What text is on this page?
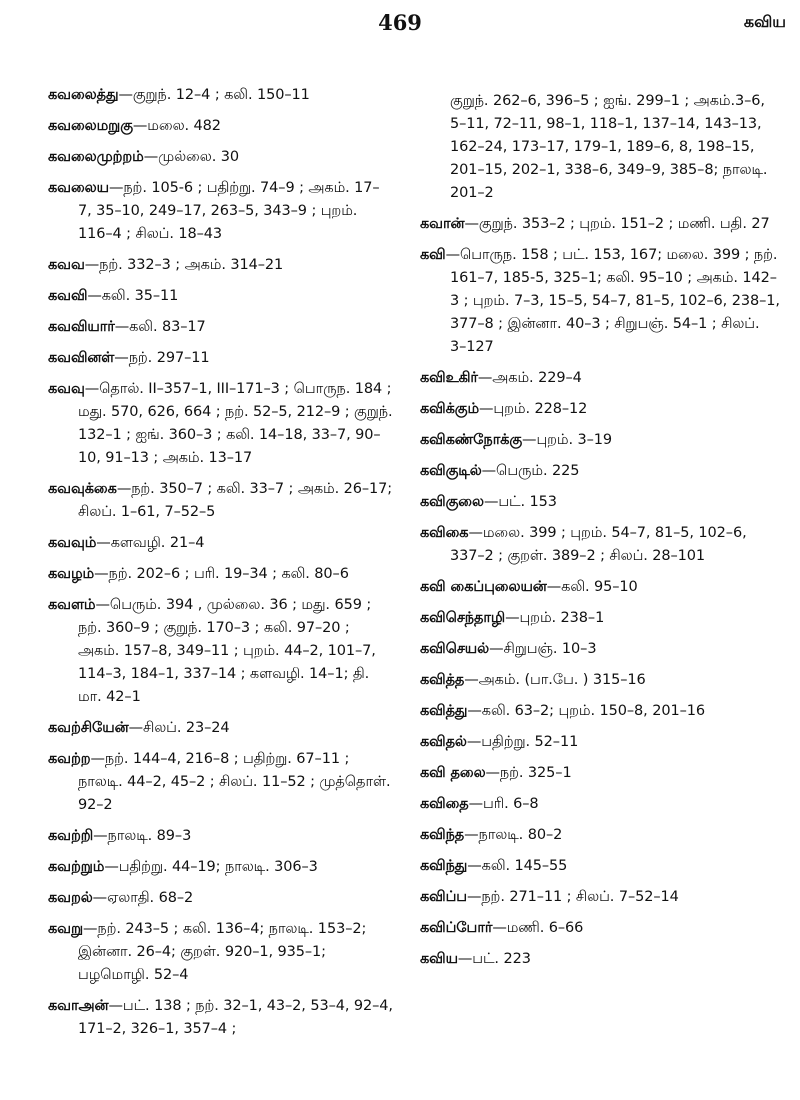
469	கவிய
கவலைத்து—குறுந். 12–4 ; கலி. 150–11
கவலைமறுகு—மலை. 482
கவலைமுற்றம்—முல்லை. 30
கவலைய—நற். 105-6 ; பதிற்று. 74–9 ; அகம். 17–7, 35–10, 249–17, 263–5, 343–9 ; புறம். 116–4 ; சிலப். 18–43
கவவ—நற். 332–3 ; அகம். 314–21
கவவி—கலி. 35–11
கவவியார்—கலி. 83–17
கவவினள்—நற். 297–11
கவவு—தொல். II–357–1, III–171–3 ; பொருந. 184 ; மது. 570, 626, 664 ; நற். 52–5, 212–9 ; குறுந். 132–1 ; ஐங். 360–3 ; கலி. 14–18, 33–7, 90–10, 91–13 ; அகம். 13–17
கவவுக்கை—நற். 350–7 ; கலி. 33–7 ; அகம். 26–17; சிலப். 1–61, 7–52–5
கவவும்—களவழி. 21–4
கவழம்—நற். 202–6 ; பரி. 19–34 ; கலி. 80–6
கவளம்—பெரும். 394 , முல்லை. 36 ; மது. 659 ; நற். 360–9 ; குறுந். 170–3 ; கலி. 97–20 ; அகம். 157–8, 349–11 ; புறம். 44–2, 101–7, 114–3, 184–1, 337–14 ; களவழி. 14–1; தி. மா. 42–1
கவற்சியேன்—சிலப். 23–24
கவற்ற—நற். 144–4, 216–8 ; பதிற்று. 67–11 ; நாலடி. 44–2, 45–2 ; சிலப். 11–52 ; முத்தொள். 92–2
கவற்றி—நாலடி. 89–3
கவற்றும்—பதிற்று. 44–19; நாலடி. 306–3
கவறல்—ஏலாதி. 68–2
கவறு—நற். 243–5 ; கலி. 136–4; நாலடி. 153–2; இன்னா. 26–4; குறள். 920–1, 935–1; பழமொழி. 52–4
கவாஅன்—பட். 138 ; நற். 32–1, 43–2, 53–4, 92–4, 171–2, 326–1, 357–4 ;
குறுந். 262–6, 396–5 ; ஐங். 299–1 ; அகம்.3–6, 5–11, 72–11, 98–1, 118–1, 137–14, 143–13, 162–24, 173–17, 179–1, 189–6, 8, 198–15, 201–15, 202–1, 338–6, 349–9, 385–8; நாலடி. 201–2
கவான்—குறுந். 353–2 ; புறம். 151–2 ; மணி. பதி. 27
கவி—பொருந. 158 ; பட். 153, 167; மலை. 399 ; நற். 161–7, 185-5, 325–1; கலி. 95–10 ; அகம். 142–3 ; புறம். 7–3, 15–5, 54–7, 81–5, 102–6, 238–1, 377–8 ; இன்னா. 40–3 ; சிறுபஞ். 54–1 ; சிலப். 3–127
கவிஉகிர்—அகம். 229–4
கவிக்கும்—புறம். 228–12
கவிகண்நோக்கு—புறம். 3–19
கவிகுடில்—பெரும். 225
கவிகுலை—பட். 153
கவிகை—மலை. 399 ; புறம். 54–7, 81–5, 102–6, 337–2 ; குறள். 389–2 ; சிலப். 28–101
கவி கைப்புலையன்—கலி. 95–10
கவிசெந்தாழி—புறம். 238–1
கவிசெயல்—சிறுபஞ். 10–3
கவித்த—அகம். (பா.பே. ) 315–16
கவித்து—கலி. 63–2; புறம். 150–8, 201–16
கவிதல்—பதிற்று. 52–11
கவி தலை—நற். 325–1
கவிதை—பரி. 6–8
கவிந்த—நாலடி. 80–2
கவிந்து—கலி. 145–55
கவிப்ப—நற். 271–11 ; சிலப். 7–52–14
கவிப்போர்—மணி. 6–66
கவிய—பட். 223
